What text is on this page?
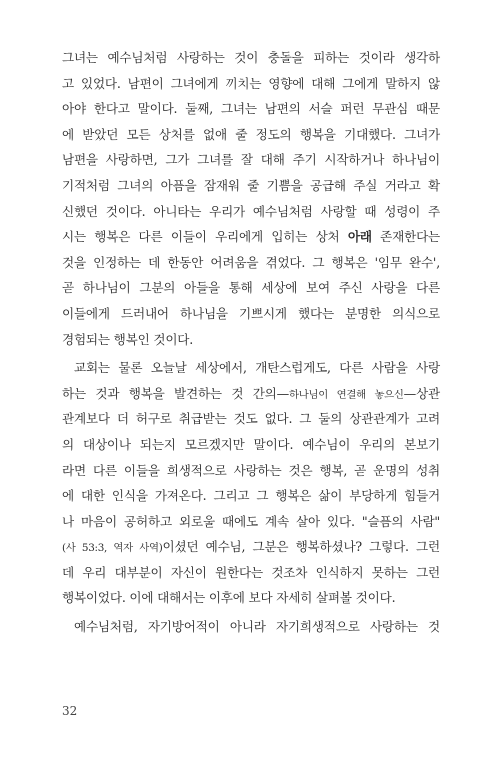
그녀는 예수님처럼 사랑하는 것이 충돌을 피하는 것이라 생각하
고 있었다. 남편이 그녀에게 끼치는 영향에 대해 그에게 말하지 않
아야 한다고 말이다. 둘째, 그녀는 남편의 서슬 퍼런 무관심 때문
에 받았던 모든 상처를 없애 줄 정도의 행복을 기대했다. 그녀가
남편을 사랑하면, 그가 그녀를 잘 대해 주기 시작하거나 하나님이
기적처럼 그녀의 아픔을 잠재워 줄 기쁨을 공급해 주실 거라고 확
신했던 것이다. 아니타는 우리가 예수님처럼 사랑할 때 성령이 주
시는 행복은 다른 이들이 우리에게 입히는 상처 아래 존재한다는
것을 인정하는 데 한동안 어려움을 겪었다. 그 행복은 '임무 완수',
곧 하나님이 그분의 아들을 통해 세상에 보여 주신 사랑을 다른
이들에게 드러내어 하나님을 기쁘시게 했다는 분명한 의식으로
경험되는 행복인 것이다.
교회는 물론 오늘날 세상에서, 개탄스럽게도, 다른 사람을 사랑
하는 것과 행복을 발견하는 것 간의—하나님이 연결해 놓으신—상관
관계보다 더 허구로 취급받는 것도 없다. 그 둘의 상관관계가 고려
의 대상이나 되는지 모르겠지만 말이다. 예수님이 우리의 본보기
라면 다른 이들을 희생적으로 사랑하는 것은 행복, 곧 운명의 성취
에 대한 인식을 가져온다. 그리고 그 행복은 삶이 부당하게 힘들거
나 마음이 공허하고 외로울 때에도 계속 살아 있다. "슬픔의 사람"
(사 53:3, 역자 사역)이셨던 예수님, 그분은 행복하셨나? 그렇다. 그런
데 우리 대부분이 자신이 원한다는 것조차 인식하지 못하는 그런
행복이었다. 이에 대해서는 이후에 보다 자세히 살펴볼 것이다.
예수님처럼, 자기방어적이 아니라 자기희생적으로 사랑하는 것
32
